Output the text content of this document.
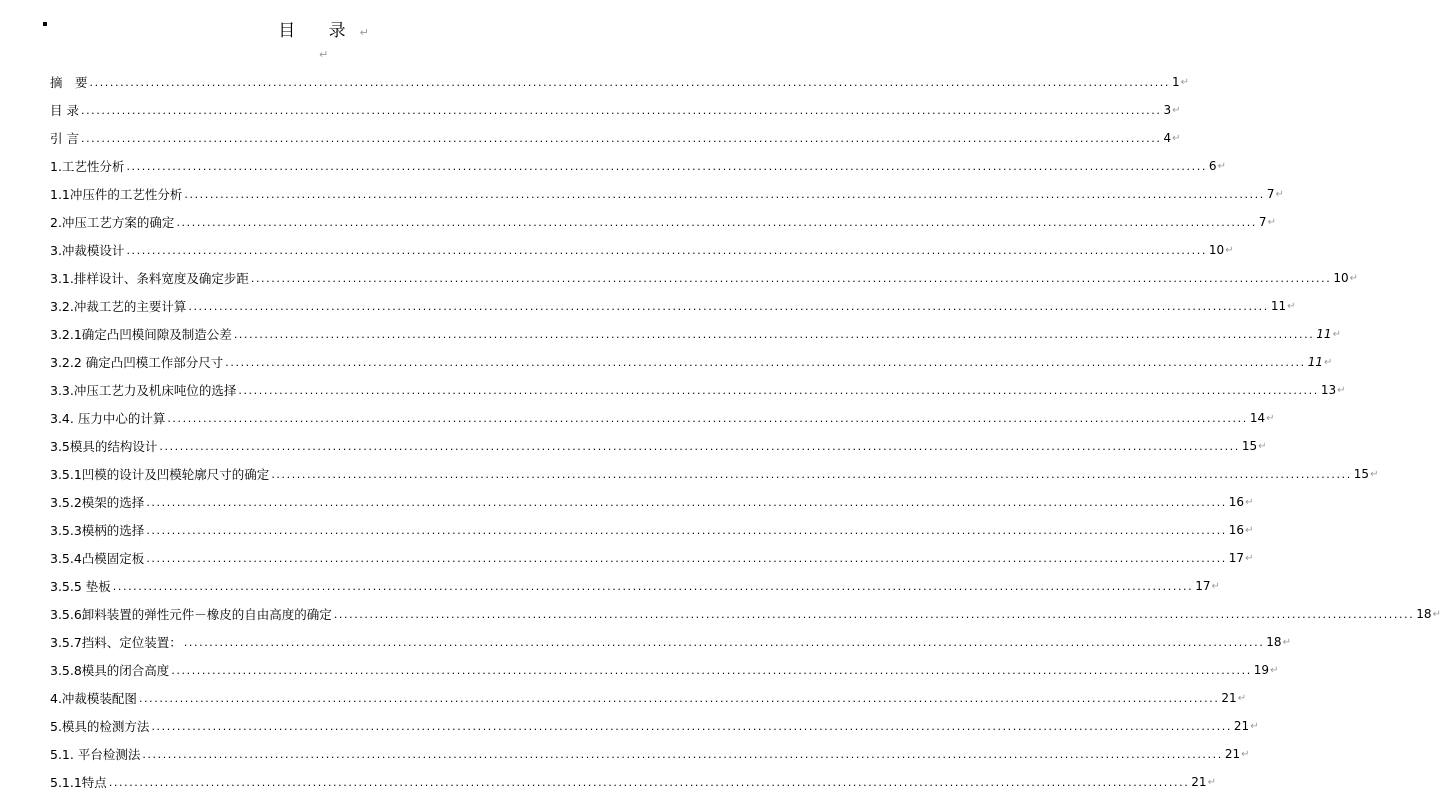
目 录↵
↵
摘　要 .................................................................................................................................................................................................................... 1 ↵
目 录 .................................................................................................................................................................................................................... 3 ↵
引 言 .................................................................................................................................................................................................................... 4 ↵
1.工艺性分析 .................................................................................................................................................................................................................... 6 ↵
1.1冲压件的工艺性分析 .................................................................................................................................................................................................................... 7 ↵
2.冲压工艺方案的确定 .................................................................................................................................................................................................................... 7 ↵
3.冲裁模设计 .................................................................................................................................................................................................................... 10 ↵
3.1.排样设计、条料宽度及确定步距 .................................................................................................................................................................................................................... 10 ↵
3.2.冲裁工艺的主要计算 .................................................................................................................................................................................................................... 11 ↵
3.2.1确定凸凹模间隙及制造公差 .................................................................................................................................................................................................................... 11 ↵
3.2.2 确定凸凹模工作部分尺寸 .................................................................................................................................................................................................................... 11 ↵
3.3.冲压工艺力及机床吨位的选择 .................................................................................................................................................................................................................... 13 ↵
3.4. 压力中心的计算 .................................................................................................................................................................................................................... 14 ↵
3.5模具的结构设计 .................................................................................................................................................................................................................... 15 ↵
3.5.1凹模的设计及凹模轮廓尺寸的确定 .................................................................................................................................................................................................................... 15 ↵
3.5.2模架的选择 .................................................................................................................................................................................................................... 16 ↵
3.5.3模柄的选择 .................................................................................................................................................................................................................... 16 ↵
3.5.4凸模固定板 .................................................................................................................................................................................................................... 17 ↵
3.5.5 垫板 .................................................................................................................................................................................................................... 17 ↵
3.5.6卸料装置的弹性元件－橡皮的自由高度的确定 .................................................................................................................................................................................................................... 18 ↵
3.5.7挡料、定位装置： .................................................................................................................................................................................................................... 18 ↵
3.5.8模具的闭合高度 .................................................................................................................................................................................................................... 19 ↵
4.冲裁模装配图 .................................................................................................................................................................................................................... 21 ↵
5.模具的检测方法 .................................................................................................................................................................................................................... 21 ↵
5.1. 平台检测法 .................................................................................................................................................................................................................... 21 ↵
5.1.1特点 .................................................................................................................................................................................................................... 21 ↵
